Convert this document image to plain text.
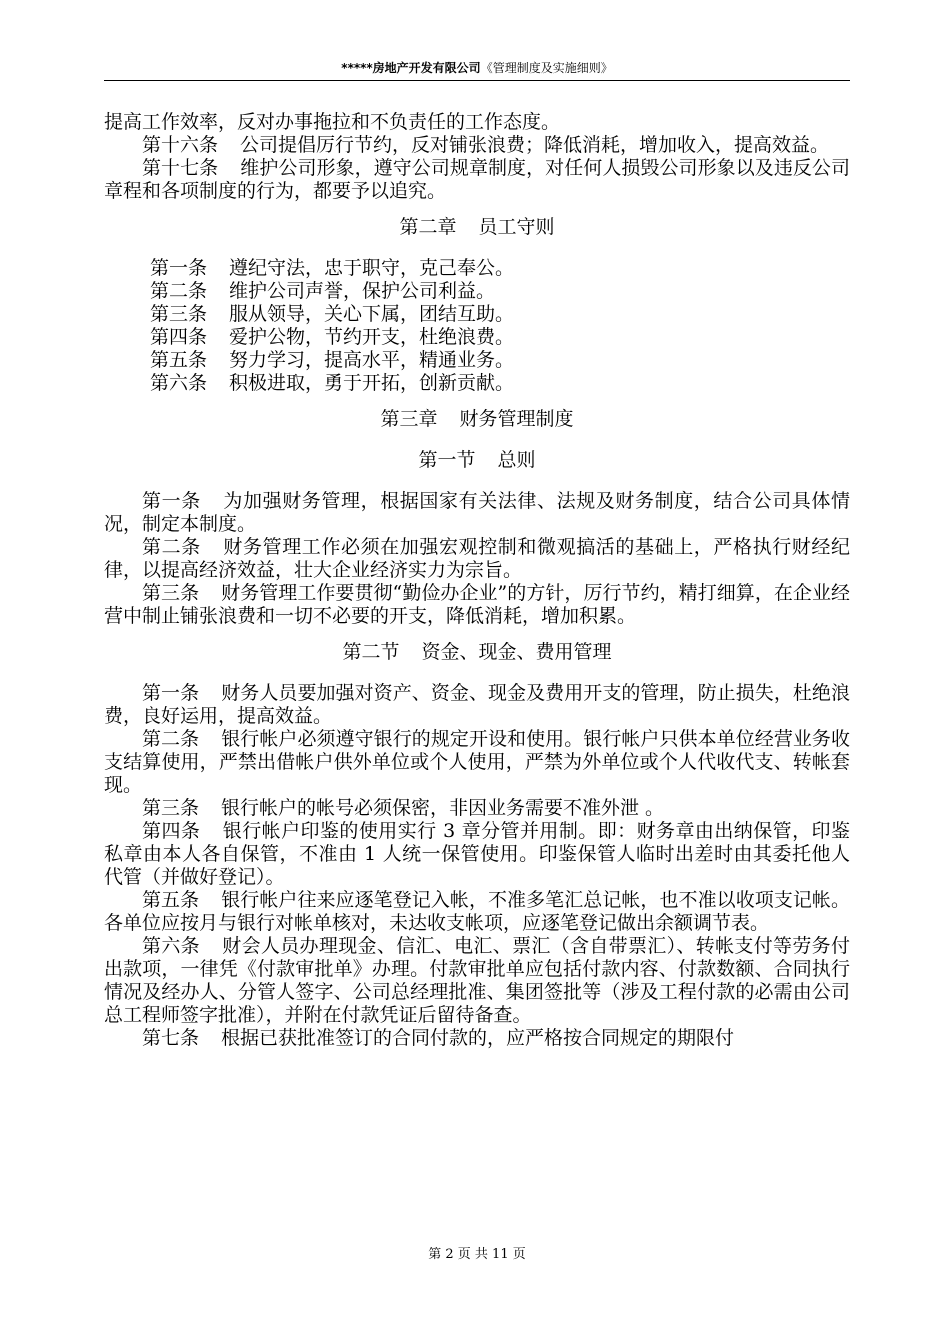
*****房地产开发有限公司《管理制度及实施细则》

提高工作效率，反对办事拖拉和不负责任的工作态度。

第十六条 公司提倡厉行节约，反对铺张浪费；降低消耗，增加收入，提高效益。

第十七条 维护公司形象，遵守公司规章制度，对任何人损毁公司形象以及违反公司章程和各项制度的行为，都要予以追究。

第二章 员工守则

第一条 遵纪守法，忠于职守，克己奉公。

第二条 维护公司声誉，保护公司利益。

第三条 服从领导，关心下属，团结互助。

第四条 爱护公物，节约开支，杜绝浪费。

第五条 努力学习，提高水平，精通业务。

第六条 积极进取，勇于开拓，创新贡献。

第三章 财务管理制度

第一节 总则

第一条 为加强财务管理，根据国家有关法律、法规及财务制度，结合公司具体情况，制定本制度。

第二条 财务管理工作必须在加强宏观控制和微观搞活的基础上，严格执行财经纪律，以提高经济效益，壮大企业经济实力为宗旨。

第三条 财务管理工作要贯彻“勤俭办企业”的方针，厉行节约，精打细算，在企业经营中制止铺张浪费和一切不必要的开支，降低消耗，增加积累。

第二节 资金、现金、费用管理

第一条 财务人员要加强对资产、资金、现金及费用开支的管理，防止损失，杜绝浪费，良好运用，提高效益。

第二条 银行帐户必须遵守银行的规定开设和使用。银行帐户只供本单位经营业务收支结算使用，严禁出借帐户供外单位或个人使用，严禁为外单位或个人代收代支、转帐套现。

第三条 银行帐户的帐号必须保密，非因业务需要不准外泄 。

第四条 银行帐户印鉴的使用实行 3 章分管并用制。即：财务章由出纳保管，印鉴私章由本人各自保管，不准由 1 人统一保管使用。印鉴保管人临时出差时由其委托他人代管（并做好登记）。

第五条 银行帐户往来应逐笔登记入帐，不准多笔汇总记帐，也不准以收项支记帐。各单位应按月与银行对帐单核对，未达收支帐项，应逐笔登记做出余额调节表。

第六条 财会人员办理现金、信汇、电汇、票汇（含自带票汇）、转帐支付等劳务付出款项，一律凭《付款审批单》办理。付款审批单应包括付款内容、付款数额、合同执行情况及经办人、分管人签字、公司总经理批准、集团签批等（涉及工程付款的必需由公司总工程师签字批准），并附在付款凭证后留待备查。

第七条 根据已获批准签订的合同付款的，应严格按合同规定的期限付

第 2 页 共 11 页
